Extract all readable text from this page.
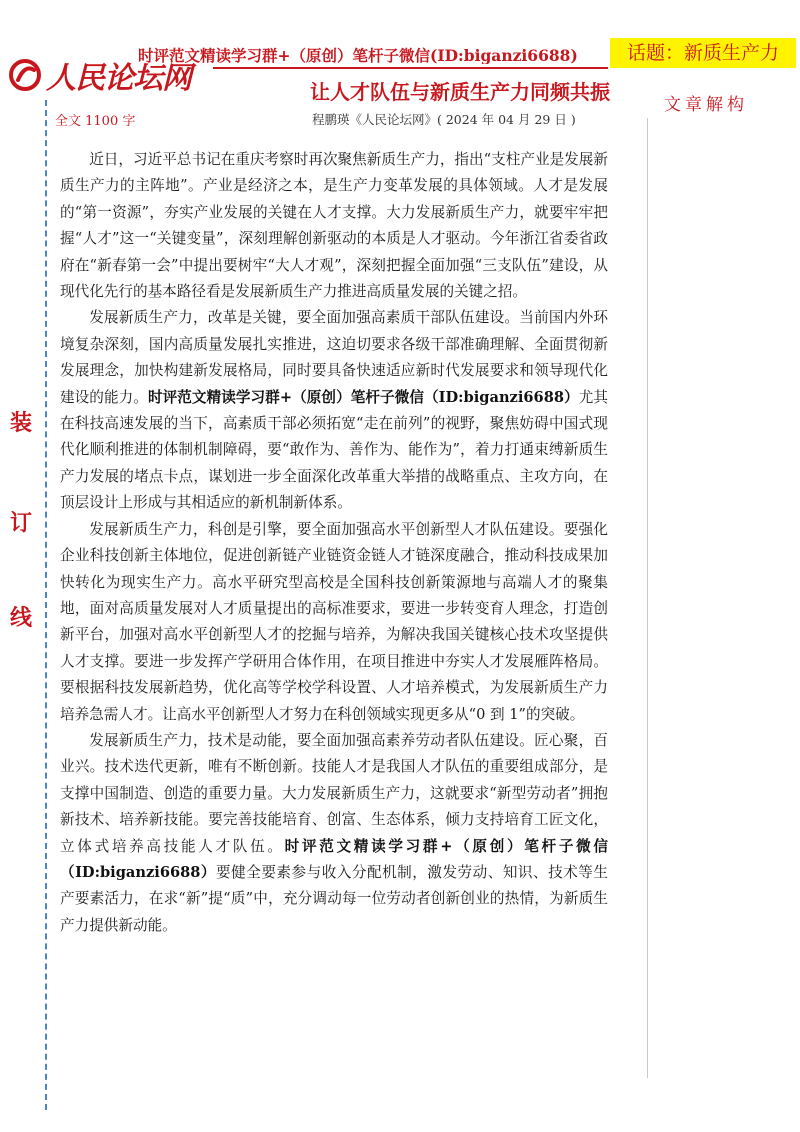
人民论坛网
时评范文精读学习群+（原创）笔杆子微信(ID:biganzi6688)	话题：新质生产力
让人才队伍与新质生产力同频共振
文章解构
全文 1100 字	程鹏瑛《人民论坛网》( 2024 年 04 月 29 日 )
装
订
线

近日，习近平总书记在重庆考察时再次聚焦新质生产力，指出“支柱产业是发展新质生产力的主阵地”。产业是经济之本，是生产力变革发展的具体领域。人才是发展的“第一资源”，夯实产业发展的关键在人才支撑。大力发展新质生产力，就要牢牢把握“人才”这一“关键变量”，深刻理解创新驱动的本质是人才驱动。今年浙江省委省政府在“新春第一会”中提出要树牢“大人才观”，深刻把握全面加强“三支队伍”建设，从现代化先行的基本路径看是发展新质生产力推进高质量发展的关键之招。

发展新质生产力，改革是关键，要全面加强高素质干部队伍建设。当前国内外环境复杂深刻，国内高质量发展扎实推进，这迫切要求各级干部准确理解、全面贯彻新发展理念，加快构建新发展格局，同时要具备快速适应新时代发展要求和领导现代化建设的能力。时评范文精读学习群+（原创）笔杆子微信（ID:biganzi6688）尤其在科技高速发展的当下，高素质干部必须拓宽“走在前列”的视野，聚焦妨碍中国式现代化顺利推进的体制机制障碍，要“敢作为、善作为、能作为”，着力打通束缚新质生产力发展的堵点卡点，谋划进一步全面深化改革重大举措的战略重点、主攻方向，在顶层设计上形成与其相适应的新机制新体系。

发展新质生产力，科创是引擎，要全面加强高水平创新型人才队伍建设。要强化企业科技创新主体地位，促进创新链产业链资金链人才链深度融合，推动科技成果加快转化为现实生产力。高水平研究型高校是全国科技创新策源地与高端人才的聚集地，面对高质量发展对人才质量提出的高标准要求，要进一步转变育人理念，打造创新平台，加强对高水平创新型人才的挖掘与培养，为解决我国关键核心技术攻坚提供人才支撑。要进一步发挥产学研用合体作用，在项目推进中夯实人才发展雁阵格局。要根据科技发展新趋势，优化高等学校学科设置、人才培养模式，为发展新质生产力培养急需人才。让高水平创新型人才努力在科创领域实现更多从“0 到 1”的突破。

发展新质生产力，技术是动能，要全面加强高素养劳动者队伍建设。匠心聚，百业兴。技术迭代更新，唯有不断创新。技能人才是我国人才队伍的重要组成部分，是支撑中国制造、创造的重要力量。大力发展新质生产力，这就要求“新型劳动者”拥抱新技术、培养新技能。要完善技能培育、创富、生态体系，倾力支持培育工匠文化，立体式培养高技能人才队伍。时评范文精读学习群+（原创）笔杆子微信（ID:biganzi6688）要健全要素参与收入分配机制，激发劳动、知识、技术等生产要素活力，在求“新”提“质”中，充分调动每一位劳动者创新创业的热情，为新质生产力提供新动能。
